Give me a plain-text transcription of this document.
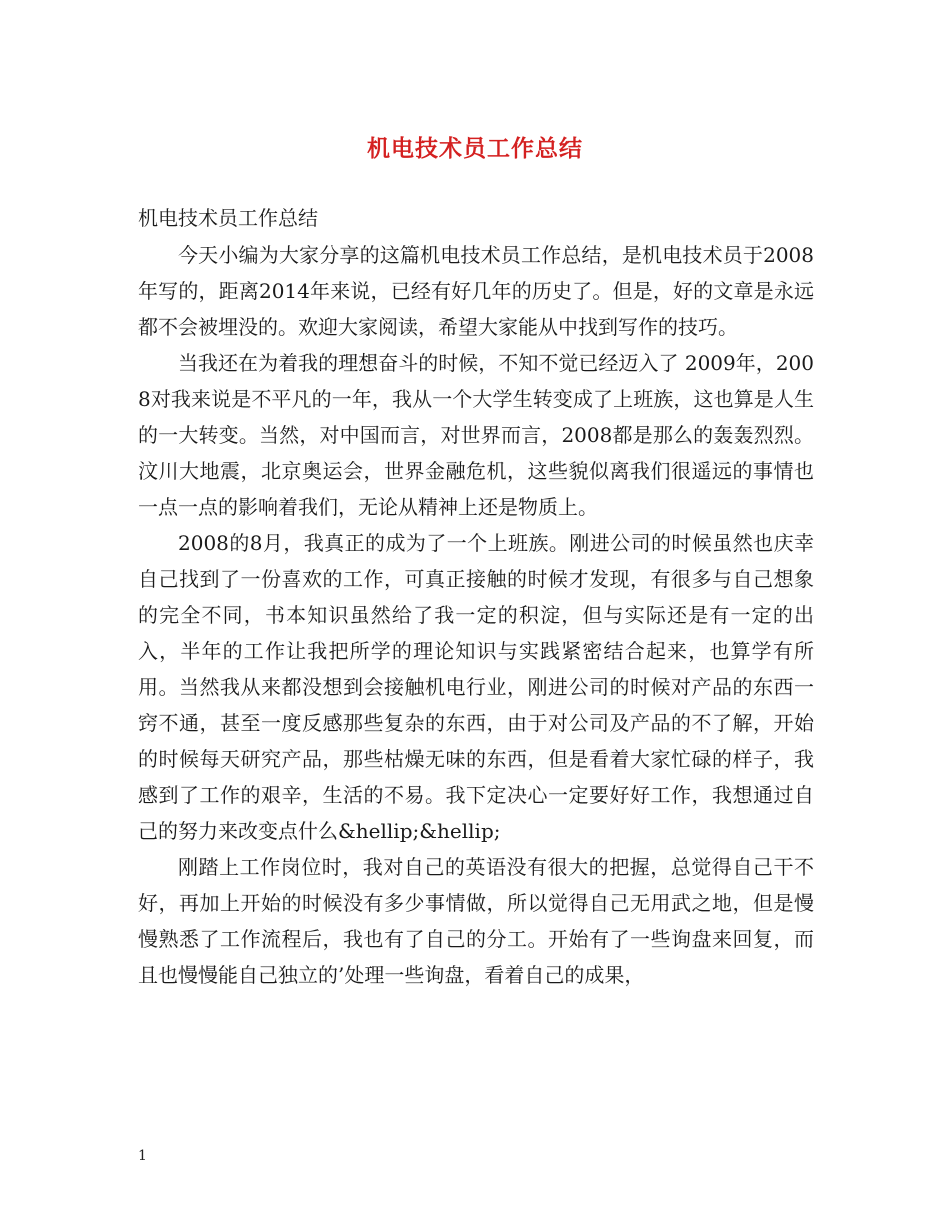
机电技术员工作总结

机电技术员工作总结

今天小编为大家分享的这篇机电技术员工作总结，是机电技术员于2008年写的，距离2014年来说，已经有好几年的历史了。但是，好的文章是永远都不会被埋没的。欢迎大家阅读，希望大家能从中找到写作的技巧。

当我还在为着我的理想奋斗的时候，不知不觉已经迈入了 2009年，2008对我来说是不平凡的一年，我从一个大学生转变成了上班族，这也算是人生的一大转变。当然，对中国而言，对世界而言，2008都是那么的轰轰烈烈。汶川大地震，北京奥运会，世界金融危机，这些貌似离我们很遥远的事情也一点一点的影响着我们，无论从精神上还是物质上。

2008的8月，我真正的成为了一个上班族。刚进公司的时候虽然也庆幸自己找到了一份喜欢的工作，可真正接触的时候才发现，有很多与自己想象的完全不同，书本知识虽然给了我一定的积淀，但与实际还是有一定的出入，半年的工作让我把所学的理论知识与实践紧密结合起来，也算学有所用。当然我从来都没想到会接触机电行业，刚进公司的时候对产品的东西一窍不通，甚至一度反感那些复杂的东西，由于对公司及产品的不了解，开始的时候每天研究产品，那些枯燥无味的东西，但是看着大家忙碌的样子，我感到了工作的艰辛，生活的不易。我下定决心一定要好好工作，我想通过自己的努力来改变点什么&hellip;&hellip;

刚踏上工作岗位时，我对自己的英语没有很大的把握，总觉得自己干不好，再加上开始的时候没有多少事情做，所以觉得自己无用武之地，但是慢慢熟悉了工作流程后，我也有了自己的分工。开始有了一些询盘来回复，而且也慢慢能自己独立的’处理一些询盘，看着自己的成果，

1
